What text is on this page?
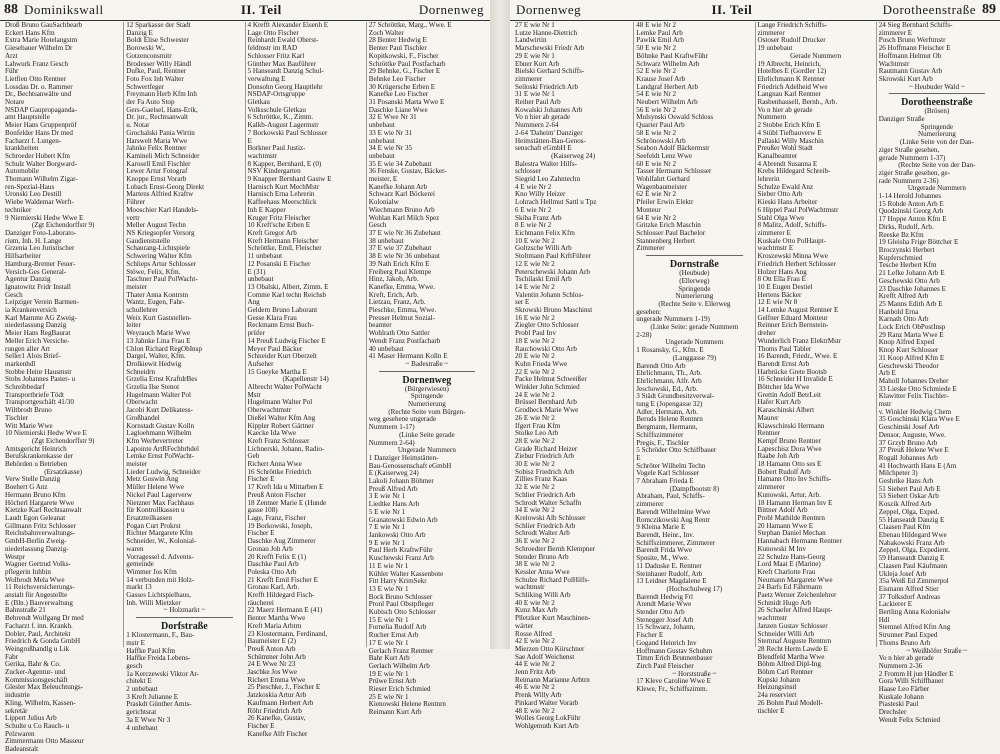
88 Dominikswall	II. Teil	Dornenweg
Droß Bruno GauSachbearb
Eckert Hans Kfm
Extra Marie Hotelangstm
Giesebauer Wilhelm Dr
Arzt
Lahwurk Franz Gesch
Führ
Lietfien Otto Rentner
Lossdau Dr. o. Rammer
Dr., Bechtsanwälte und
Notare
NSDAP Gaupropaganda-
amt Hauptstelle
Meier Hans Gruppenpröf
Bonfelder Hans Dr med
Facharzt f. Lungen-
krankheiten
Schroeder Hubert Kfm
Schulz Walter Borgward-
Automobile
Thomann Wilhelm Zigar-
ren-Spezial-Haus
Uronski Leo Destill
Wiebe Waldemar Werft-
techniker
9 Niemierski Hedw Wwe E
(Zgt Eichendorffstr 9)
Danziger Foto-Laborato-
rium, Inh. H. Lange
Grzenia Leo Juristischer
Hilfsarbeiter
Hamburg-Bremer Feuer-
Versich-Ges General-
Agentur Danzig
Ignatowitz Fridr Install
Gesch
Leipziger Verein Barmen-
ia Krankenversich
Karl Mamme AG Zweig-
niederlassung Danzig
Meier Hans RegBaurat
Meller Erich Versiche-
rungen aller Art
Seller1 Alois Brief-
markenhdl
Stobbe Heinr Hausmstr
Stobs Johannes Paster- u
Schreibbedarf
Transportbriefe Tödt
Transportgeschäft 41/30
Wiltbrodt Bruno
Tischler
Witt Marie Wwe
10 Niemierski Hedw Wwe E
(Zgt Eichendorffstr 9)
Amtsgericht Heinrich
Berufskrankenkasse der
Behörden u Betrieben
(Ersatzkasse)
Verw Stelle Danzig
Boehert G Anz
Hermann Bruno Kfm
Höcherl Hargarete Wwe
Kietzke Karl Rechtsanwalt
Laudt Egon Geleanat
Gillmann Fritz Schlosser
Reichsbahnverwaltungs-
GmbH-Berlin Zweig-
niederlassung Danzig-
Westpr
Wagner Gertrud Volks-
pflegerin Inhbin
Wolbrodt Mela Wwe
11 Reichsversicherungs-
anstalt für Angestellte
E (Bln.) Bauverwaltung
Bahnstraße 21
Behrendt Wolfgang Dr med
Facharzt f. inn. Krankh.
Dobler, Paul, Architekt
Friedrich & Gonda GmbH
Weingroßhandlg u Lik
Fabr
Gerika, Bahr & Co.
Zucker-Agentur- und
Kommissionsgeschäft
Glesler Max Beleuchtungs-
industrie
Kling, Wilhelm, Kassen-
sekretär
Lippert Julius Arb
Schulte u Co Rauch- u
Pelzwaren
Zimmermann Otto Masseur
Badeanstalt
12 Sparkasse der Stadt
Danzig E
Boldt Elise Schwester
Borowski W.,
Gotzenconsmitr
Brodesser Willy Händl
Dufke, Paul, Rentner
Foto Fox Inh Walter
Schwertfeger
Freymann Herb Kfm Inh
der Fa Auto Stop
Gers-Gaelsel, Hans-Erik,
Dr. jur., Rechtsanwalt
u. Notar
Grochalski Pania Wirtin
Harswelt Maria Wwe
Jahnke Felix Rentner
Kamineli Mich Schneider
Karosell Emil Fischler
Lewer Artur Fotograf
Knoppe Ernst Vorarb
Lobach Ernst-Georg Direkt
Martens Alfried Kraftw
Führer
Mooschier Karl Handels-
vertr
Meller August Techn
NS Kriegsopfer Versorg
Gaudienststelle
Schaurang-Lichtspiele
Schwering Walter Kfm
Schlieps Artur Schlosser
Stöwe, Felix, Kfm.
Taschner Paul PolWacht-
meister
Thater Anna Kontrstn
Wantz, Eugen, Fahr-
schullehrer
Weix Kurt Gaststellen-
leiter
Weyrauch Marie Wwe
13 Jahnke Lina Frau E
Chlon Richard RegObInsp
Dargel, Walter, Kfm.
Drolkiewit Hedwig
Schneidrn
Grzelia Ernst KraftdrBes
Grzelia Ilse Stenot
Hugelmann Walter Pol
Oberwacht
Jacobi Kurt Delikatess-
Großhandel
Kornstadt Gustav Kolln
Lagloehmann Wilhelm
Kfm Werbevertreter
Lapointe ArtRFechbrhdel
Lemke Ernst PolWacht-
meister
Lieder Ludwig, Schneider
Metz Goswin Ang
Müller Helene Wwe
Nickel Paul Lagerverw
Nietzner Max Fachhaus
für Kontrollkassen u
Ersatzteilkassen
Pogan Curt Prokrst
Richter Margarete Kfm
Schneider, W., Kolonial-
waren
Vorragessel d. Advents-
gemeinde
Wimmer Jos Kfm
14 verbunden mit Holz-
markt 13
Gasses Lichtspielhaus,
Inh. Willi Mietzker
~ Holzmarkt ~
Dorfstraße
1 Klostermann, F., Bau-
mstr E
Haffke Paul Kfm
Haffke Freida Lebens-
gesch
1a Kerczewski Viktor Ar-
chitekt E
2 unbebaut
3 Kreft Julianne E
Praskdt Günther Amts-
gerichtsrat
3a E Wwe Nr 3
4 unbebaut
4 Krefft Alexander Eisenh E
Lage Otto Fischer
Reinhardt Ewald Oberst-
feldmstr im RAD
Schlosser Fritz Karl
Günther Max Bauführer
5 Hanseatdt Danzig Schul-
verwaltung E
Donsohn Georg Hauptlehr
NSDAP-Ortsgruppe
Gletkau
Volksschule Gletkau
6 Schröttke, K., Zimm.
Kalkb-August Lagermstr
7 Borkowski Paul Schlosser
E
Borkner Paul Justiz-
wachtmstr
8 Kapper, Bernhard, E (0)
NSV Kindergarten
9 Knapper Bernhard Gastw E
Harnisch Kurt MechMstr
Harnisch Erna Lehrerin
Kaffeehaus Meerschlick
Inh E Kapper
Kruger Fritz Fleischer
10 Kreft'sche Erben E
Kreft Gregor Arb
Kreft Hermann Fleischer
Schröttke, Emil, Fleischer
11 unbebaut
12 Posanski E Fischer
E (31)
unbebaut
13 Obalski, Albert, Zimm. E
Comme Karl techn Reichsb
Ang
Geldern Bruno Laborant
Gesse Klara Frau
Reckmann Ernst Buch-
prüfer
14 Preuß Ludwig Fischer E
Meyer Paul Bäcker
Schneider Kurt Oberzelt
Aufseher
15 Gueyke Martha E
(Kapellenstr 14)
Albrecht Walter PolWacht
Mstr
Hugelmann Walter Pol
Oberwachtmstr
Dießel Walter Kfm Ang
Kippler Robert Gärtner
Kaecke Ida Wwe
Kreft Franz Schlosser
Lichnerski, Johann, Radio-
Geb
Richert Anna Wwe
16 Schröttke Friedrich
Fischer E
17 Kreft Ida u Mittarben E
Preuß Anton Fischer
18 Zentner Marie E (Hunde
gasse 108)
Lage, Franz, Fischer
19 Borkowski, Joseph,
Fischer E
Daschke Aug Zimmerer
Gronau Joh Arb
20 Krefft Felix E (1)
Daschke Paul Arb
Poleska Otto Arb
21 Krefft Emil Fischer E
Gronau Karl, Arb.
Krefft Hildegard Fisch-
räucherei
22 Maerz Hermann E (41)
Benter Martha Wwe
Kreft Maria Arbtrn
23 Klostermann, Ferdinand,
Baumeister E (2)
Preuß Anton Arb
Schümmer John Arb
24 E Wwe Nr 23
Jaschke Jos Wwe
Richert Emma Wwe
25 Pieschke, J., Fischer E
Jatzkoskia Artur Arb
Kaufmann Herbert Arb
Röhr Friedrich Arb
26 Kanefke, Gustav,
Fischer E
Kanefke Alfr Fischer
27 Schröttke, Marg., Wwe. E
Zoch Walter
28 Benter Hedwig E
Benter Paul Tischler
Kopitkowski, F., Fischer
Schröttke Paul Postfacharb
29 Behnke, G., Fischer E
Behnke Leo Fischer
30 Krügersche Erben E
Kanefke Leo Fischer
31 Posanski Marta Wwe E
Daschke Liane Wwe
32 E Wwe Nr 31
unbebaut
33 E wie Nr 31
unbebaut
34 E wie Nr 35
unbebaut
35 E wie 34 Zubehaut
36 Fenske, Gustav, Bäcker-
meister, E
Kanefke Johann Arb
Schwarz Karl Böckerei
Kolonialw
Wiechmann Bruno Arb
Wohlan Karl Milch Spez
Gesch
37 E wie Nr 36 Zubehaut
38 unbebaut
37 E wie 37 Zubehaut
38 E wie Nr 36 unbebaut
39 Nath Erich Kfm E
Freiberg Paul Klempe
Hinz, Jakob, Arb.
Kanefke, Emma, Wwe.
Kreft, Erich, Arb.
Lietzau, Franz, Arb.
Pieschke, Emma, Wwe.
Preuser Helmut Sozial-
beamter
Wohlrath Otto Sattler
Wendt Franz Postfacharb
40 unbebaut
41 Maser Hermann Kolln E
~ Badestraße ~
Dornenweg
(Bürgerwiesen)
Springende
Numerierung
(Rechte Seite vom Bürgen-
weg gesehene ungerade
Nummern 1-17)
(Linke Seite gerade
Nummern 2-64)
Ungerade Nummern
1 Danziger Heimstätten-
Bau-Genossenschaft eGmbH
E (Kaiserweg 24)
Lakoli Johann Böhmer
Preuß Alfred Arb
3 E wie Nr 1
Liedtke Hans Arb
5 E wie Nr 1
Granatowski Edwin Arb
7 E wie Nr 1
Jankowski Otto Arb
9 E wie Nr 1
Paul Herb KraftwFühr
Kuschewski Franz Arb
11 E wie Nr 1
Kühler Walter Kassenbote
Fitt Harry KrimSekr
13 E wie Nr 1
Bock Bruno Schlosser
Pronl Paul Obstpfleger
Kubisch Otto Schlosser
15 E wie Nr 1
Fornelia Rudolf Arb
Rucher Ernst Arb
17 E wie Nr 1
Gerlach Franz Rentner
Bahr Kurt Arb
Gerlach Wilhelm Arb
19 E wie Nr 1
Prüwe Ernst Arb
Rieser Erich Schmied
25 E wie Nr 1
Kienowski Helene Rentnrn
Reimann Kurt Arb
Dornenweg	II. Teil	Dorotheenstraße 89
27 E wie Nr 1
Lutze Hanne-Dietrich
Landwirtin
Marschewski Friedr Arb
29 E wie Nr 1
Ebner Kurt Arb
Bielski Gerhard Schiffs-
zimmerer
Seiloski Friedrich Arb
31 E wie Nr 1
Reiher Paul Arb
Kowalski Johannes Arb
Vo n hier ab gerade
Nummern 2-64
2-64 'Daheim' Danziger
Heimstätten-Bau-Genos-
senschaft eGmbH E
(Kaiserweg 24)
Balestra Walter Hilfs-
schlosser
Siegrid Leo Zahntechn
4 E wie Nr 2
Kno Willy Heizer
Lohrach Hellmut Sattl u Tpz
6 E wie Nr 2
Skiba Franz Arb
8 E wie Nr 2
Eichmann Felix Kfm
10 E wie Nr 2
Goltzsche Willi Arb
Stoltmann Paul KrftFührer
12 E wie Nr 2
Peterschewski Johann Arb
Tschilaski Emil Arb
14 E wie Nr 2
Valentin Johann Schlos-
ser E
Skrowski Bruno Maschinst
16 E wie Nr 2
Ziegler Otto Schlosser
Probl Paul Inv
18 E wie Nr 2
Rauchowski Otto Arb
20 E wie Nr 2
Kuhn Frieda Wwe
22 E wie Nr 2
Packe Helmut Schweißer
Winkler John Schmied
24 E wie Nr 2
Brüssel Bernhard Arb
Grodheck Marie Wwe
26 E wie Nr 2
Ifgert Frau Kfm
Stolke Leo Arb
28 E wie Nr 2
Grade Richard Heizer
Ziebur Friedrich Arb
30 E wie Nr 2
Sobisz Friedrich Arb
Zillies Franz Kaas
32 E wie Nr 2
Schlier Friedrich Arb
Schrodt Walter Schaffn
34 E wie Nr 2
Krelowski Alb Schlosser
Schlier Friedrich Arb
Schrodt Walter Arb
36 E wie Nr 2
Schroedter Bernh Klempner
Stender Bruno Arb
38 E wie Nr 2
Kessler Anna Wwe
Schulze Richard PolHilfs-
wachtmstr
Schliking Willi Arb
40 E wie Nr 2
Kunz Max Arb
Plletzker Kurt Maschinen-
wärter
Rosse Alfred
42 E wie Nr 2
Mierzen Otto Kürschner
Sae Adolf Weichenst
44 E wie Nr 2
Jenn Fritz Arb
Reimann Marianne Arbtrn
46 E wie Nr 2
Prenk Willy Arb
Pinkard Walter Vorarb
48 E wie Nr 2
Wolles Georg LokFühr
Wohlgemuth Kurt Arb
48 E wie Nr 2
Lemke Paul Arb
Pawlik Emil Arb
50 E wie Nr 2
Böhnke Paul KraftwFühr
Schwarz Wilhelm Arb
52 E wie Nr 2
Krause Josef Arb
Landgraf Herbert Arb
54 E wie Nr 2
Neubert Wilhelm Arb
56 E wie Nr 2
Mulsynski Oswald Schloss
Quarier Paul Arb
58 E wie Nr 2
Schrönowski Arb
Seabon Adolf Bäckermstr
Seefeldt Lenz Wwe
60 E wie Nr 2
Tasser Hermann Schlosser
Wohlfahrt Gerhard
Wagenbaumeister
62 E wie Nr 2
Pfeiler Erwin Elektr
Monteur
64 E wie Nr 2
Gritzke Erich Maschin
Schlosser Paul Bachelor
Stannenberg Herbert
Zimmerer
Dornstraße
(Heubude)
(Ellerweg)
Springende
Numerierung
(Rechte Seite v. Ellerweg
gesehen:
ungerade Nummern 1-19)
(Linke Seite: gerade Nummern
2-28)
Ungerade Nummern
1 Rosansky, G., Kfm. E
(Langgasse 79)
Barendt Otto Arb
Ehrlichmann, Th., Arb.
Ehrlichmann, Alfr. Arb
Jeschowski, Ed., Arb.
3 Städt Grundbesitzverwal-
tung E (Jopengasse 32)
Adler, Hermann, Arb.
Beruds Helene Rentnrn
Bergmann, Hermann,
Schiffszimmerer
Pregis, F., Tischler
5 Schröder Otto Schiffbauer
E
Schröter Wilhelm Techn
Vogele Karl Schlosser
7 Abraham Frieda E
(Dampfbootstr 8)
Abraham, Paul, Schiffs-
zimmerer
Barendt Wilhelmine Wwe
Romczikowski Aug Rentr
9 Kleina Marie E
Barendt, Heinr., Inv.
Schiffszimmerer, Zimmerer
Barendt Frida Wwe
Sposite, M., Wwe.
11 Daduske E. Rentner
Steinhauer Rudolf, Arb
13 Leidner Magdalene E
(Hochschulweg 17)
Barendt Hedwig Frl
Arendt Marie Wwe
Stender Otto Arb
Stenegger Josef Arb
15 Schwarz, Johann,
Fischer E
Gogand Heinrich Inv
Hoffmann Gustav Schuhm
Timm Erich Brunnenbauer
Zirch Paul Fleischer
~ Horststraße ~
17 Kleve Caroline Wwe E
Klewe, Fr., Schiffszimm.
Lange Friedrich Schiffs-
zimmerer
Ostoser Rudolf Drucker
19 unbebaut
Gerade Nummern
19 Albrecht, Heinrich,
Hotelbes E (Gordler 12)
Ehrlichmann K Rentner
Friedrich Adelheid Wwe
Langnau Karl Rentner
Rasbenhausell, Bernh., Arb.
Vo n hier ab gerade
Nummern
2 Stobbe Erich Kfm E
4 Stübl Tiefbauverw E
Pallaski Willy Maschin
Preußer Wohl Stadt
Kanalbeamter
4 Abrendt Susanna E
Krebs Hildegard Schreib-
lehrerin
Schulze Ewald Anz
Sieber Otto Arb
Kieski Hans Arbeiter
6 Hippel Paul PolWachtmstr
Stahl Olga Wwe
8 Malitz, Adolf, Schiffs-
zimmerer E
Kuskale Otto PolHaupt-
wachtmstr E
Kroszewski Minna Wwe
Friedrich Herbert Schlosser
Holzer Hans Ang
8 Ott Ella Frau E
10 E Eugen Destiel
Hertens Bäcker
12 E wie Nr 8
14 Lemke August Rentner E
Gelfner Eduard Monteur
Reinner Erich Bernstein-
dreher
Wunderlich Franz ElektrMstr
Thoms Paul Tabler
16 Barendt, Friedr., Wwe. E
Barendt Ernst Arb
Harbrücke Grete Bootsb
16 Schneider H Invalide E
Böttcher Ida Wwe
Grettin Adolf BetrLeit
Hafer Kurt Arb
Karaschinski Albert
Maurer
Klawschinski Hermann
Rentner
Kempf Bruno Rentner
Lapeschisz Dora Wwe
Raabe Joh Arb
18 Hamann Otto ses E
Bobert Rudolf Arb
Hamann Otto Inv Schiffs-
zimmerer
Kunowski, Artur, Arb.
18 Hamann Herman Inv E
Bittner Adolf Arb
Probl Mathilde Rentnrn
20 Hamann Wwe E
Stephan Daniel Mechan
Hannabach Hermann Rentner
Kunowski M Inv
22 Schulze Hans-Georg
Lord Maat E (Marine)
Kreft Charlotte Frau
Neumann Margarete Wwe
24 Barfs Ed Fährmann
Paetz Werner Zeichenlehrer
Schmidt Hugo Arb
26 Schaefer Alfred Haupt-
wachtmstr
Janzen Gustav Schlosser
Schneider Willi Arb
Sternnaf Auguste Rentnrn
28 Recht Herm Lawde E
Blendfeld Martha Wwe
Böhm Alfred Dipl-Ing
Böhm Carl Rentner
Kupski Johann
Heizungsinstl
24a reserviert
26 Bohm Paul Modell-
tischler E
24 Sieg Bernhard Schiffs-
zimmerer E
Posch Bruno Werftmstr
26 Hoffmann Fleischer E
Hoffmann Helmut Ob
Wachtmstr
Rautmann Gustav Arb
Skrowski Kurt Arb
~ Heubuder Wald ~
Dorotheenstraße
(Brösen)
Danziger Straße
Springende
Numerierung
(Linke Seite von der Dan-
ziger Straße gesehen,
gerade Nummern 1-37)
(Rechte Seite von der Dan-
ziger Straße gesehen, ge-
rade Nummern 2-36)
Ungerade Nummern
1-14 Herold Johannes
15 Rohde Anton Arb E
Quodzinski Georg Arb
17 Hoppe Anton Kfm E
Dirks, Rudolf, Arb.
Reeske Bz Kfm
19 Gleisha Frige Böttcher E
Broczynski Herbert
Kupferschmied
Tesche Herbert Kfm
21 Lefke Johann Arb E
Geschewski Otto Arb
23 Daschke Johannes E
Krefft Alfred Arb
25 Manns Edith Arb E
Hanbold Erna
Karnath Otto Arb
Lock Erich ObPostInsp
29 Ranz Marta Wwe E
Knop Alfred Exped
Knop Kurt Schlosser
31 Koop Alfred Kfm E
Geschewski Theodor
Arb E
Maholl Johannes Dreher
33 Lieske Otto Schmiede E
Klawitter Felix Tischler-
mstr
v. Winkler Hedwig Chem
35 Goschinski Klara Wwe E
Goschinski Josef Arb
Densor, Auguste, Wwe.
37 Grzyb Bruno Arb
37 Preuß Helene Wwe E
Rogall Johannes Arb
41 Hochwarth Hans E (Am
Milchpeter 3)
Geshrike Hans Arb
51 Siebert Paul Arb E
53 Siebert Oskar Arb
Koszik Alfred Arb
Zeppel, Olga, Exped.
55 Hanseatdt Danzig E
Claasen Paul Kfm
Ebenau Hildegard Wwe
Nabakowski Franz Arb
Zeppel, Olga, Expedient.
59 Hanseatdt Danzig E
Claasen Paul Käufmann
Ukleja Josef Arb
35a Weiß Ed Zimmerpol
Eismann Alfred Stier
37 Tolksdorf Andreas
Lackierer E
Bertling Anna Kolonialw
Hdl
Stemnel Alfred Kfm Ang
Strunner Paul Exped
Thoms Bruno Arb
~ Weißhöfer Straße ~
Vo n hier ab gerade
Nummern 2-36
2 Fromm H jun Händler E
Gora Willi Schiffbauer
Haase Leo Färber
Kuskale Johann
Piasteski Paul
Drechsler
Wendt Felix Schmied
